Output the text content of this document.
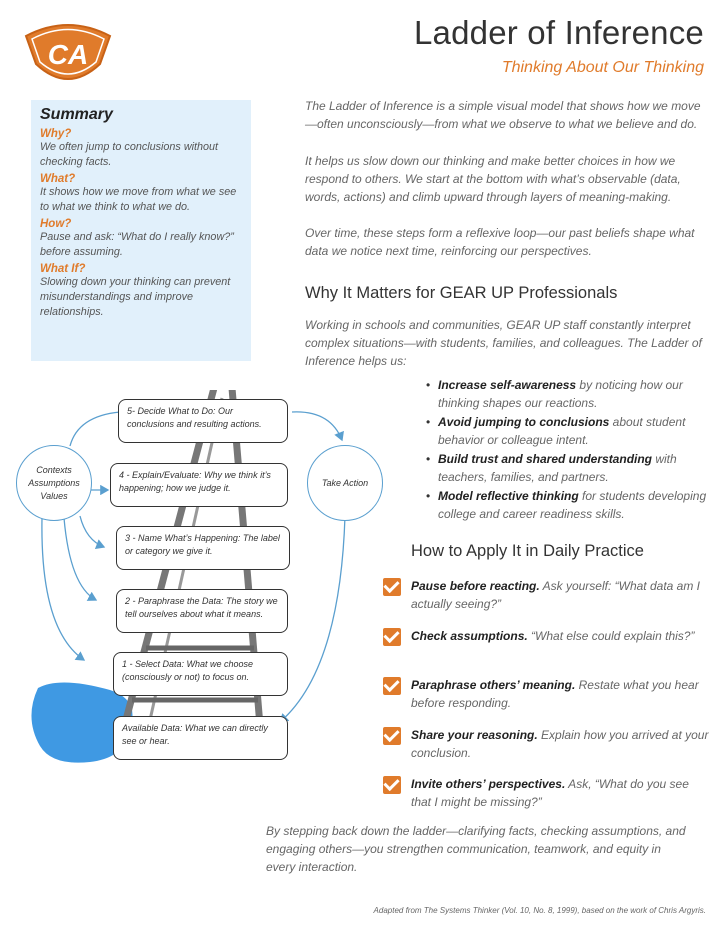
CA
Ladder of Inference
Thinking About Our Thinking
Summary
Why?
We often jump to conclusions without checking facts.
What?
It shows how we move from what we see to what we think to what we do.
How?
Pause and ask: “What do I really know?” before assuming.
What If?
Slowing down your thinking can prevent misunderstandings and improve relationships.

The Ladder of Inference is a simple visual model that shows how we move—often unconsciously—from what we observe to what we believe and do.

It helps us slow down our thinking and make better choices in how we respond to others. We start at the bottom with what’s observable (data, words, actions) and climb upward through layers of meaning-making.

Over time, these steps form a reflexive loop—our past beliefs shape what data we notice next time, reinforcing our perspectives.

Why It Matters for GEAR UP Professionals

Working in schools and communities, GEAR UP staff constantly interpret complex situations—with students, families, and colleagues. The Ladder of Inference helps us:

• Increase self-awareness by noticing how our thinking shapes our reactions.
• Avoid jumping to conclusions about student behavior or colleague intent.
• Build trust and shared understanding with teachers, families, and partners.
• Model reflective thinking for students developing college and career readiness skills.
How to Apply It in Daily Practice
Pause before reacting. Ask yourself: “What data am I actually seeing?”
Check assumptions. “What else could explain this?”
Paraphrase others’ meaning. Restate what you hear before responding.
Share your reasoning. Explain how you arrived at your conclusion.
Invite others’ perspectives. Ask, “What do you see that I might be missing?”

By stepping back down the ladder—clarifying facts, checking assumptions, and engaging others—you strengthen communication, teamwork, and equity in every interaction.

Contexts Assumptions Values
Take Action
5- Decide What to Do: Our conclusions and resulting actions.
4 - Explain/Evaluate: Why we think it’s happening; how we judge it.
3 - Name What’s Happening: The label or category we give it.
2 - Paraphrase the Data: The story we tell ourselves about what it means.
1 - Select Data: What we choose (consciously or not) to focus on.
Available Data: What we can directly see or hear.
Adapted from The Systems Thinker (Vol. 10, No. 8, 1999), based on the work of Chris Argyris.
